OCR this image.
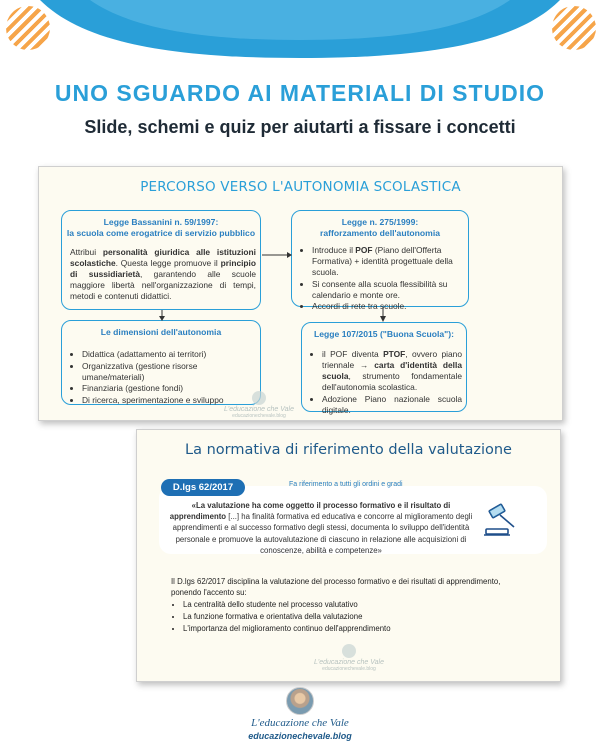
UNO SGUARDO AI MATERIALI DI STUDIO
Slide, schemi e quiz per aiutarti a fissare i concetti
PERCORSO VERSO L'AUTONOMIA SCOLASTICA
Legge Bassanini n. 59/1997:
la scuola come erogatrice di servizio pubblico
Attribui personalità giuridica alle istituzioni scolastiche. Questa legge promuove il principio di sussidiarietà, garantendo alle scuole maggiore libertà nell'organizzazione di tempi, metodi e contenuti didattici.
Legge n. 275/1999:
rafforzamento dell'autonomia
• Introduce il POF (Piano dell'Offerta Formativa) + identità progettuale della scuola.
• Si consente alla scuola flessibilità su calendario e monte ore.
• Accordi di rete tra scuole.
Le dimensioni dell'autonomia
• Didattica (adattamento ai territori)
• Organizzativa (gestione risorse umane/materiali)
• Finanziaria (gestione fondi)
• Di ricerca, sperimentazione e sviluppo
Legge 107/2015 ("Buona Scuola"):
• il POF diventa PTOF, ovvero piano triennale → carta d'identità della scuola, strumento fondamentale dell'autonomia scolastica.
• Adozione Piano nazionale scuola digitale.
L'educazione che Vale
educazionechevale.blog
La normativa di riferimento della valutazione
D.lgs 62/2017	Fa riferimento a tutti gli ordini e gradi
«La valutazione ha come oggetto il processo formativo e il risultato di apprendimento [...] ha finalità formativa ed educativa e concorre al miglioramento degli apprendimenti e al successo formativo degli stessi, documenta lo sviluppo dell'identità personale e promuove la autovalutazione di ciascuno in relazione alle acquisizioni di conoscenze, abilità e competenze»
Il D.lgs 62/2017 disciplina la valutazione del processo formativo e dei risultati di apprendimento, ponendo l'accento su:
• La centralità dello studente nel processo valutativo
• La funzione formativa e orientativa della valutazione
• L'importanza del miglioramento continuo dell'apprendimento
L'educazione che Vale
educazionechevale.blog
L'educazione che Vale
educazionechevale.blog
